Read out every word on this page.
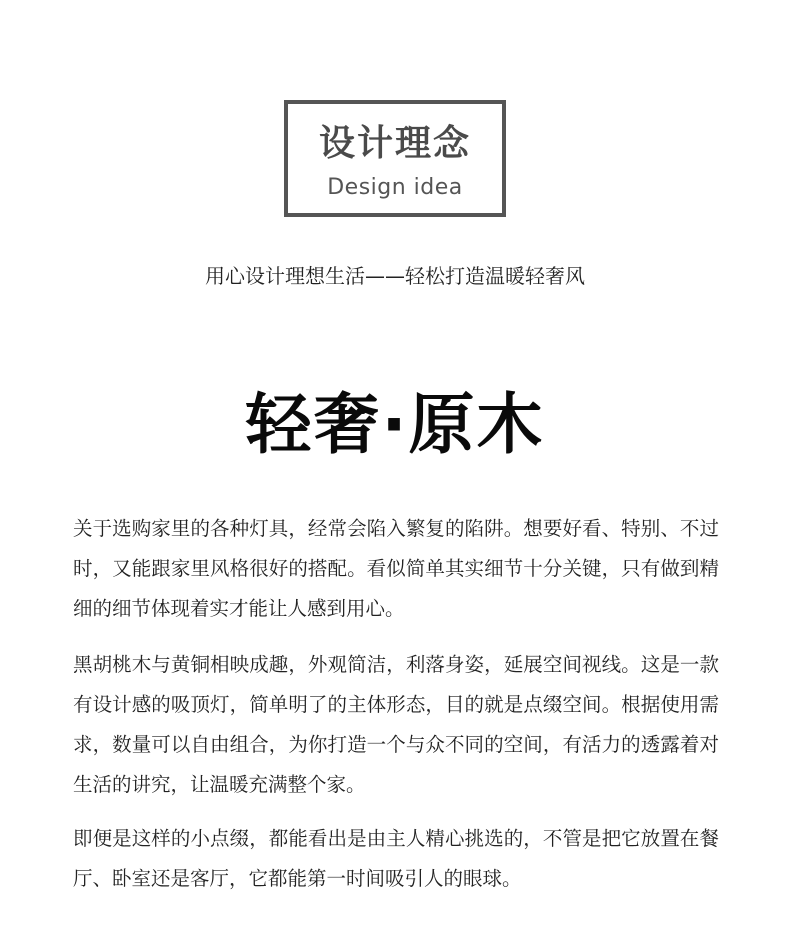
设计理念
Design idea
用心设计理想生活——轻松打造温暖轻奢风
轻奢·原木

关于选购家里的各种灯具，经常会陷入繁复的陷阱。想要好看、特别、不过时，又能跟家里风格很好的搭配。看似简单其实细节十分关键，只有做到精细的细节体现着实才能让人感到用心。

黑胡桃木与黄铜相映成趣，外观简洁，利落身姿，延展空间视线。这是一款有设计感的吸顶灯，简单明了的主体形态，目的就是点缀空间。根据使用需求，数量可以自由组合，为你打造一个与众不同的空间，有活力的透露着对生活的讲究，让温暖充满整个家。

即便是这样的小点缀，都能看出是由主人精心挑选的，不管是把它放置在餐厅、卧室还是客厅，它都能第一时间吸引人的眼球。
